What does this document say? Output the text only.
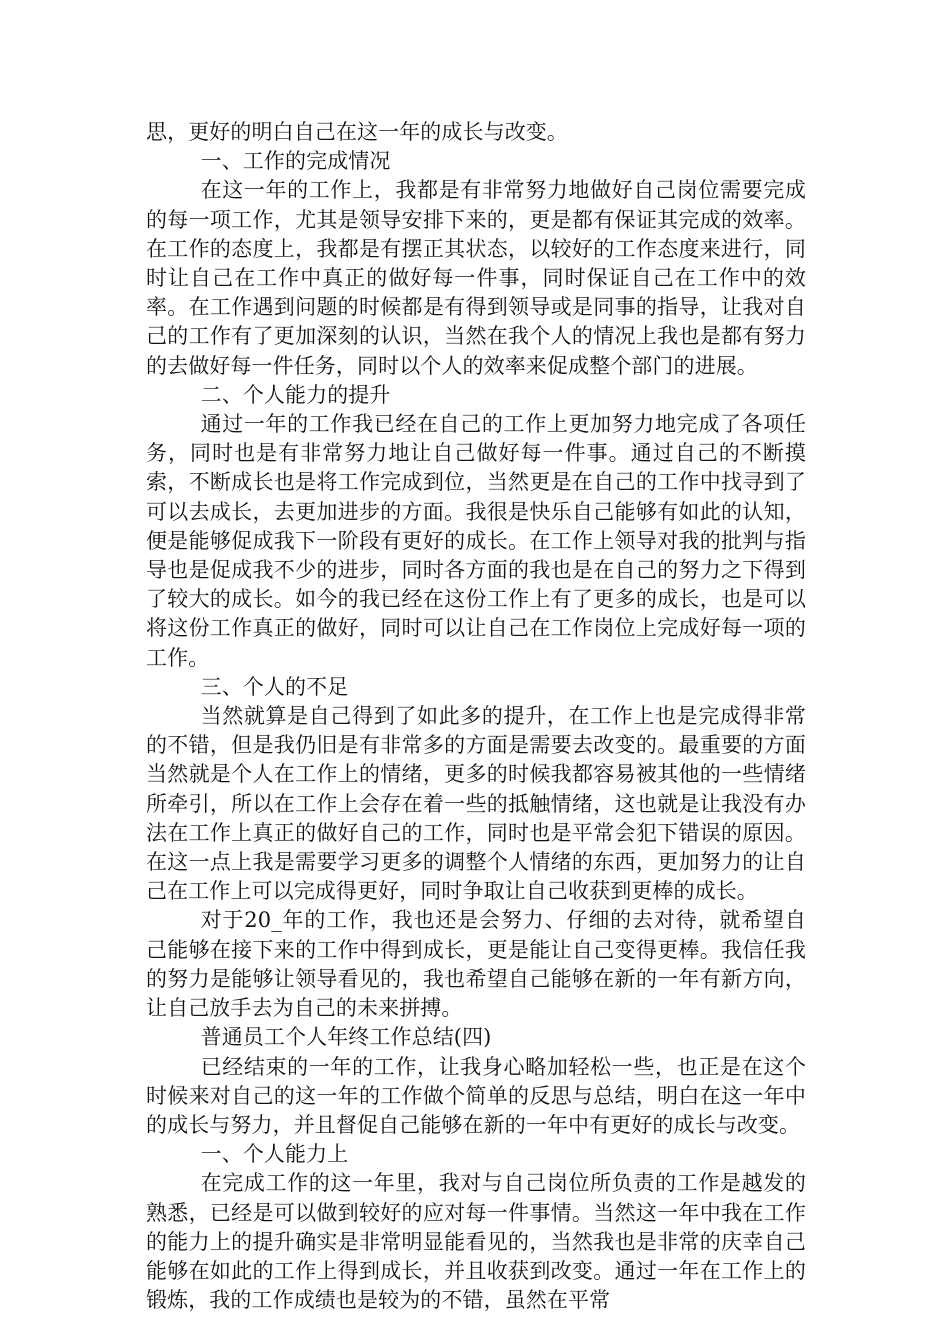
思，更好的明白自己在这一年的成长与改变。

一、工作的完成情况

在这一年的工作上，我都是有非常努力地做好自己岗位需要完成的每一项工作，尤其是领导安排下来的，更是都有保证其完成的效率。在工作的态度上，我都是有摆正其状态，以较好的工作态度来进行，同时让自己在工作中真正的做好每一件事，同时保证自己在工作中的效率。在工作遇到问题的时候都是有得到领导或是同事的指导，让我对自己的工作有了更加深刻的认识，当然在我个人的情况上我也是都有努力的去做好每一件任务，同时以个人的效率来促成整个部门的进展。

二、个人能力的提升

通过一年的工作我已经在自己的工作上更加努力地完成了各项任务，同时也是有非常努力地让自己做好每一件事。通过自己的不断摸索，不断成长也是将工作完成到位，当然更是在自己的工作中找寻到了可以去成长，去更加进步的方面。我很是快乐自己能够有如此的认知，便是能够促成我下一阶段有更好的成长。在工作上领导对我的批判与指导也是促成我不少的进步，同时各方面的我也是在自己的努力之下得到了较大的成长。如今的我已经在这份工作上有了更多的成长，也是可以将这份工作真正的做好，同时可以让自己在工作岗位上完成好每一项的工作。

三、个人的不足

当然就算是自己得到了如此多的提升，在工作上也是完成得非常的不错，但是我仍旧是有非常多的方面是需要去改变的。最重要的方面当然就是个人在工作上的情绪，更多的时候我都容易被其他的一些情绪所牵引，所以在工作上会存在着一些的抵触情绪，这也就是让我没有办法在工作上真正的做好自己的工作，同时也是平常会犯下错误的原因。在这一点上我是需要学习更多的调整个人情绪的东西，更加努力的让自己在工作上可以完成得更好，同时争取让自己收获到更棒的成长。

对于20_年的工作，我也还是会努力、仔细的去对待，就希望自己能够在接下来的工作中得到成长，更是能让自己变得更棒。我信任我的努力是能够让领导看见的，我也希望自己能够在新的一年有新方向，让自己放手去为自己的未来拼搏。

普通员工个人年终工作总结(四)

已经结束的一年的工作，让我身心略加轻松一些，也正是在这个时候来对自己的这一年的工作做个简单的反思与总结，明白在这一年中的成长与努力，并且督促自己能够在新的一年中有更好的成长与改变。

一、个人能力上

在完成工作的这一年里，我对与自己岗位所负责的工作是越发的熟悉，已经是可以做到较好的应对每一件事情。当然这一年中我在工作的能力上的提升确实是非常明显能看见的，当然我也是非常的庆幸自己能够在如此的工作上得到成长，并且收获到改变。通过一年在工作上的锻炼，我的工作成绩也是较为的不错，虽然在平常
